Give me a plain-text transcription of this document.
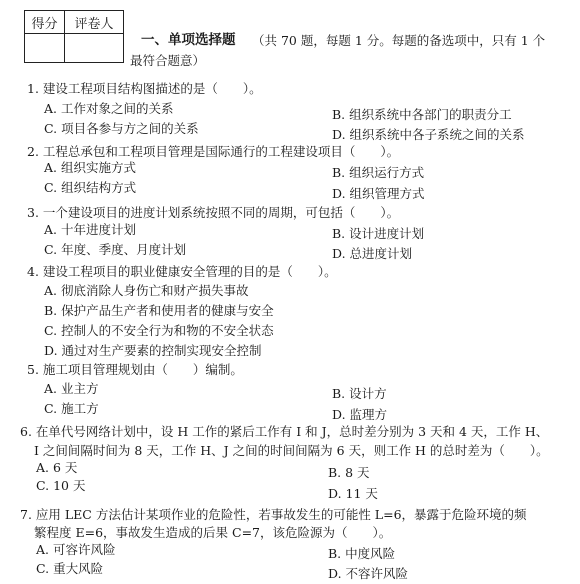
得分	评卷人

一、单项选择题 （共 70 题，每题 1 分。每题的备选项中，只有 1 个
最符合题意）
1. 建设工程项目结构图描述的是（　　）。
A. 工作对象之间的关系	B. 组织系统中各部门的职责分工
C. 项目各参与方之间的关系	D. 组织系统中各子系统之间的关系
2. 工程总承包和工程项目管理是国际通行的工程建设项目（　　）。
A. 组织实施方式	B. 组织运行方式
C. 组织结构方式	D. 组织管理方式
3. 一个建设项目的进度计划系统按照不同的周期，可包括（　　）。
A. 十年进度计划	B. 设计进度计划
C. 年度、季度、月度计划	D. 总进度计划
4. 建设工程项目的职业健康安全管理的目的是（　　）。
A. 彻底消除人身伤亡和财产损失事故
B. 保护产品生产者和使用者的健康与安全
C. 控制人的不安全行为和物的不安全状态
D. 通过对生产要素的控制实现安全控制
5. 施工项目管理规划由（　　）编制。
A. 业主方	B. 设计方
C. 施工方	D. 监理方
6. 在单代号网络计划中，设 H 工作的紧后工作有 I 和 J，总时差分别为 3 天和 4 天，工作 H、
I 之间间隔时间为 8 天，工作 H、J 之间的时间间隔为 6 天，则工作 H 的总时差为（　　）。
A. 6 天	B. 8 天
C. 10 天
D. 11 天
7. 应用 LEC 方法估计某项作业的危险性，若事故发生的可能性 L=6，暴露于危险环境的频
繁程度 E=6，事故发生造成的后果 C=7，该危险源为（　　）。
A. 可容许风险	B. 中度风险
C. 重大风险	D. 不容许风险
